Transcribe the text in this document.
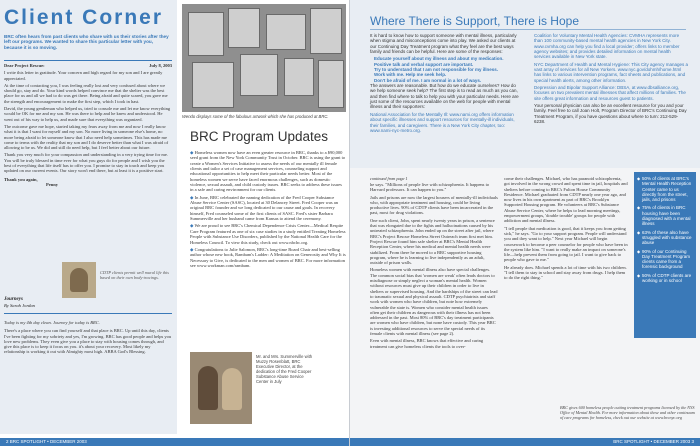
Client Corner
BRC often hears from past clients who share with us their stories after they left our programs. We wanted to share this particular letter with you, because it is so moving.

Dear Project Rescue:	July 8, 2003

I write this letter in gratitude. Your concern and high regard for my son and I are greatly appreciated.

At the time of contacting you, I was feeling really lost and very confused about where we should go, stay and do. Your kind words helped convince me that the shelter was the best place for us and all we had to do was get there. Being afraid and quite scared, you gave me the strength and encouragement to make the first step, which I took in hast.

David, the young gentleman who helped us, tried to console me and let me know everything would be OK for me and my son. He was there to help and he knew and understood. He went out of his way to help us, and made sure that everything was organized.

The outcome gave me hope, started taking my fears away from me and now I really know what it is that I want for myself and my son. No more living in someone else's home, no more being afraid to let someone know that I also need help sometimes. This has made me come to terms with the reality that my son and I do deserve better than what I was afraid of allowing to be us. We did and still do need help, but I feel better about our future.

Thank you very much for your compassion and understanding in a very trying time for me. You will be truly blessed in time ever for what you guys do for people and I wish you the best of everything that life itself has to offer you. I promise to stay in touch and keep you updated on our current events. Our story won't end there, but at least it is a positive start.

Thank you again,
Penny
CDTP clients permit well mural life this based on their own body-tracings.
Journeys
By Sarah Jordan

Today is my 4th day clean. Journey for today is BRC.

There's a place where you can find yourself and that place is BRC. Up until this day, clients I've been fighting for my sobriety and yes, I'm growing. BRC has good people and helps you love new problems. They even give you a place to stay with housing comes through, and give this place is to keep it focus on you. it's about your recovery. Most likely my relationship is working it out with Almighty most high. ABBA God's Blessing.

Wendo displays some of the fabulous artwork which she has produced at BRC.
BRC Program Updates

◆ Homeless women now have an even greater resource in BRC, thanks to a $90,000 seed grant from the New York Community Trust in October. BRC is using the grant to create a Women's Services Initiative to assess the needs of our mentally ill female clients and tailor a set of case management services, counseling support and educational opportunities to help meet their particular needs better. Most of the homeless women we serve have faced enormous challenges, such as domestic violence, sexual assault, and child custody issues. BRC seeks to address these issues in a safe and caring environment for our clients.

◆ In June, BRC celebrated the naming dedication of the Fred Cooper Substance Abuse Service Center (SASC), located at 30 Delancey Street. Fred Cooper was an original BRC founder and we long dedicated to our cause and goals. In recovery himself, Fred counseled some of the first clients of SASC. Fred's sister Barbara Summerville and her husband came from Kansas to attend the ceremony.

◆ We are proud to see BRC's Chemical Dependence Crisis Center—Medical Respite Care Program featured as one of six case studies in a study entitled Treating Homeless People with Substance Use Disorders, published by the National Health Care for the Homeless Council. To view this study, check out www.nhchc.org.

◆ Congratulations to Julie Salomon, BRC's long-time Board Chair and best-selling author whose new book, Rambam's Ladder: A Meditation on Generosity and Why It is Necessary to Give, is dedicated to the men and women of BRC. For more information see www.workman.com/rambam.

Mr. and Mrs. Summerville with Muzzy Rosenblatt, BRC Executive Director, at the dedication of the Fred Cooper Substance Abuse Service Center in July
2 BRC SPOTLIGHT • DECEMBER 2003
Where There is Support, There is Hope

It is hard to know how to support someone with mental illness, particularly when stigma and misconceptions come into play. We asked our clients at our Continuing Day Treatment program what they feel are the best ways family and friends can be helpful. Here are some of the responses:

Educate yourself about my illness and about my medication.
Positive talk and verbal support are important.
Try to understand that I am not responsible for my illness.
Work with me. Help me seek help.
Don't be afraid of me. I am normal in a lot of ways.

The answers are reasonable. But how do we educate ourselves? How do we help someone seek help? The first step is to read as much as you can, and then find where to talk to help you with your particular needs. Here are just some of the resources available on the web for people with mental illness and their supporters:

National Association for the Mentally Ill: www.nami.org offers information about specific illnesses and support resources for mentally-ill individuals, their families, and caregivers. There is a New York City chapter, too: www.nami-nyc-metro.org.

Coalition for Voluntary Mental Health Agencies: CVMHA represents more than 100 community-based mental health agencies in New York City. www.cvmha.org can help you find a local provider; offers links to member agency websites; and provides detailed information on mental health services available in New York state.

NYC Department of Health and Mental Hygiene: This City agency manages a vast array of services for all New Yorkers. www.nyc.gov/dohmh/home.html has links to various intervention programs, fact sheets and publications, and special health alerts, among other information.

Depression and Bipolar Support Alliance: DBSA, at www.dbsalliance.org, focuses on two prevalent mental illnesses that affect millions of families. The site offers great information and resources guest to patients.

Your personal physician can also be an excellent resource for you and your family. Feel free to call Joan Holt, Program Director of BRC's Continuing Day Treatment Program, if you have questions about where to turn: 212-529-6238.

continued from page 1

he says. "Millions of people live with schizophrenia. It happens to Harvard professors. It can happen to you."

Jails and prisons are now the largest housers of mentally-ill individuals who, with appropriate treatment and housing, could be living productive lives. 90% of CDTP clients have been incarcerated in the past, most for drug violations.

One such client, John, spent nearly twenty years in prison, a sentence that was elongated due to the fights and hallucinations caused by his untreated schizophrenia. John ended up on the street after jail, where BRC's Project Rescue Homeless Street Outreach team first met him. Project Rescue found him safe shelter at BRC's Mental Health Reception Center, where his medical and mental health needs were stabilized. From there he moved to a BRC supportive housing program, where he is learning to live independently as an adult, outside of prison walls.

Homeless women with mental illness also have special challenges. The common social bias that 'women are weak' often leads doctors to misdiagnose or simply neglect a woman's mental health. Women without resources must give up their children in order to live in shelters or supervised housing. And the hardships of the street can lead to traumatic sexual and physical assault. CDTP psychiatrists and staff work with women who have children, but note how extremely vulnerable the state is. Women who consider mental health issues often get their children as dangerous with their illness has not been addressed in the past. Most 80% of BRC's day treatment participants are women who have children, but none have custody. This year BRC is investing additional resources to serve the special needs of its female clients with mental illness (see page 2).

Even with mental illness, BRC knows that effective and caring treatment can give homeless clients the tools to over-

come their challenges. Michael, who has paranoid schizophrenia, got involved in the wrong crowd and spent time in jail, hospitals and shelters before coming to BRC's Fulton House Community Residence. Michael graduated from CDTP nearly one year ago, and now lives in his own apartment as part of BRC's Brooklyn Supported Housing program. He volunteers at BRC's Substance Abuse Service Center, where he helps to lead morning meetings, empowerment groups, 'double trouble' groups for people with addiction and mental illness.

"I tell people that medication is good, that it keeps you from getting sick," he says. "Go to your support program. People will understand you and they want to help." Next year Michael will begin coursework to become a peer counselor for people who have been in the system like him. "I want to really make an impact on someone's life—help prevent them from going to jail. I want to give back to people who gave to me."

He already does. Michael spends a lot of time with his two children. "I tell them to stay in school and stay away from drugs. I help them to do the right thing."

◆ 50% of clients at BRC's Mental Health Reception Center came to us directly from the street, jails, and prisons
◆ 75% of clients in BRC housing have been diagnosed with a mental illness
◆ 63% of these also have struggled with substance abuse
◆ 90% of our Continuing Day Treatment Program clients came from a forensic background
◆ 50% of CDTP clients are working or in school
BRC gives 600 homeless people cutting treatment programs licensed by the NYS Office of Mental Health. For more information about these and other continuum of care programs for homeless, check out our website at www.brcnyc.org
BRC SPOTLIGHT • DECEMBER 2003 3
